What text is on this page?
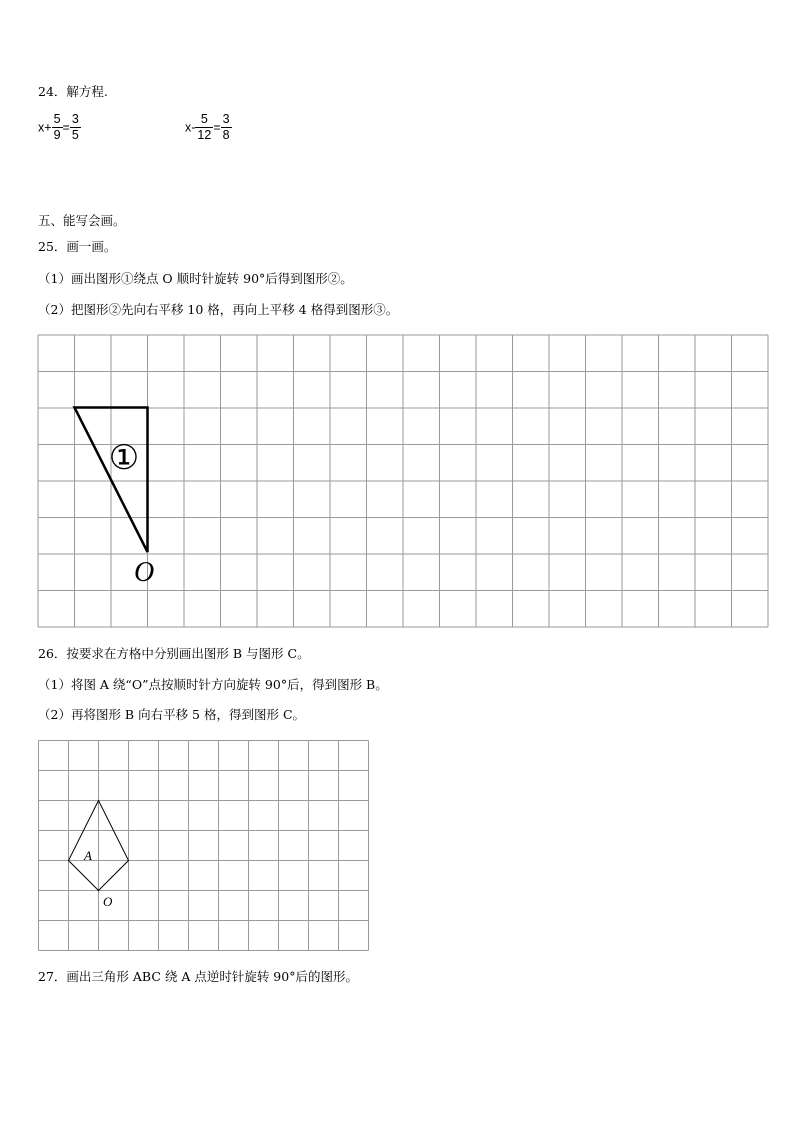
24．解方程.
$x+ \frac{5}{9} = \frac{3}{5}$	$x- \frac{5}{12} = \frac{3}{8}$
五、能写会画。
25．画一画。
（1）画出图形①绕点 O 顺时针旋转 90°后得到图形②。
（2）把图形②先向右平移 10 格，再向上平移 4 格得到图形③。
①
O
26．按要求在方格中分别画出图形 B 与图形 C。
（1）将图 A 绕“O”点按顺时针方向旋转 90°后，得到图形 B。
（2）再将图形 B 向右平移 5 格，得到图形 C。
A
O
27．画出三角形 ABC 绕 A 点逆时针旋转 90°后的图形。
